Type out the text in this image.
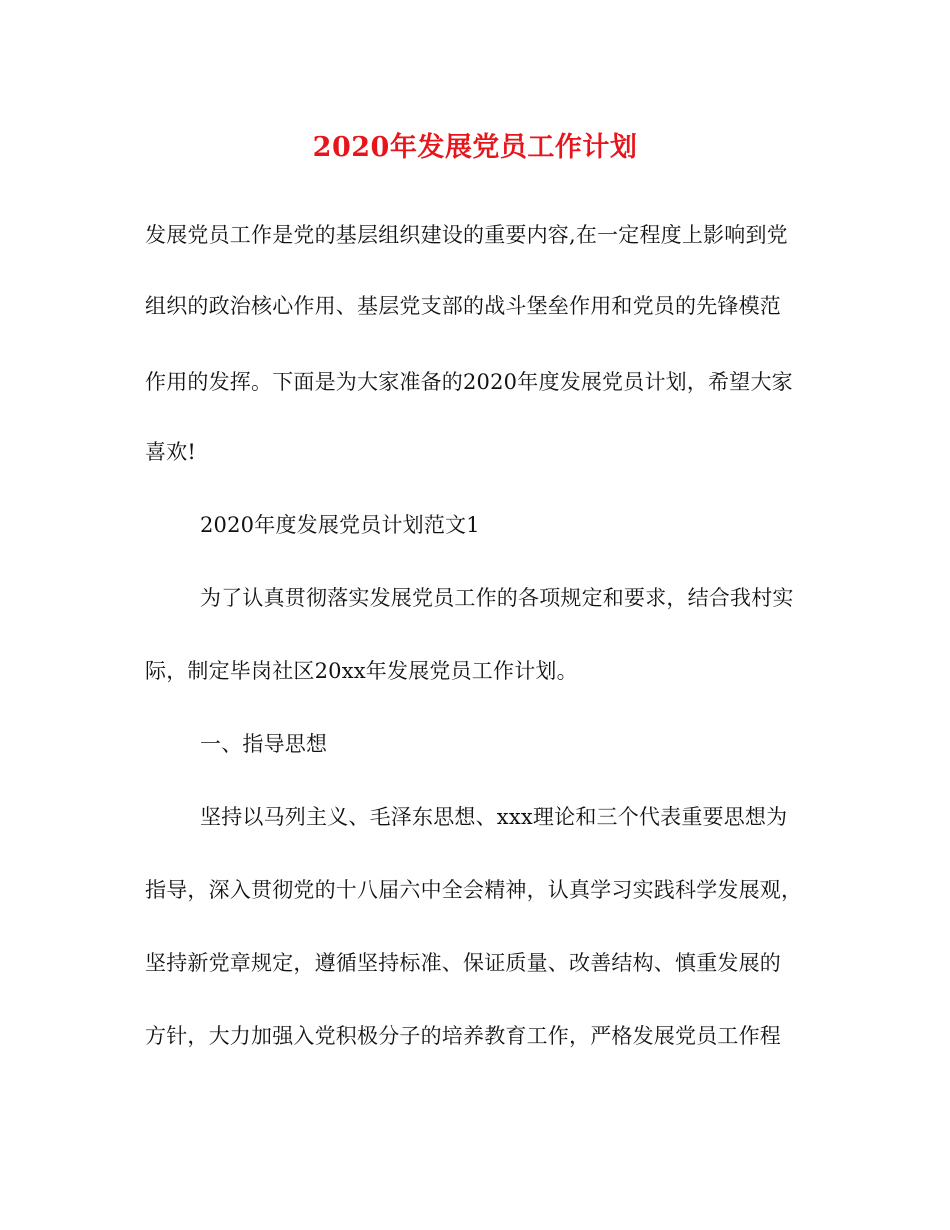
2020年发展党员工作计划
发展党员工作是党的基层组织建设的重要内容,在一定程度上影响到党
组织的政治核心作用、基层党支部的战斗堡垒作用和党员的先锋模范
作用的发挥。下面是为大家准备的2020年度发展党员计划，希望大家
喜欢!
2020年度发展党员计划范文1
为了认真贯彻落实发展党员工作的各项规定和要求，结合我村实
际，制定毕岗社区20xx年发展党员工作计划。
一、指导思想
坚持以马列主义、毛泽东思想、xxx理论和三个代表重要思想为
指导，深入贯彻党的十八届六中全会精神，认真学习实践科学发展观，
坚持新党章规定，遵循坚持标准、保证质量、改善结构、慎重发展的
方针，大力加强入党积极分子的培养教育工作，严格发展党员工作程
